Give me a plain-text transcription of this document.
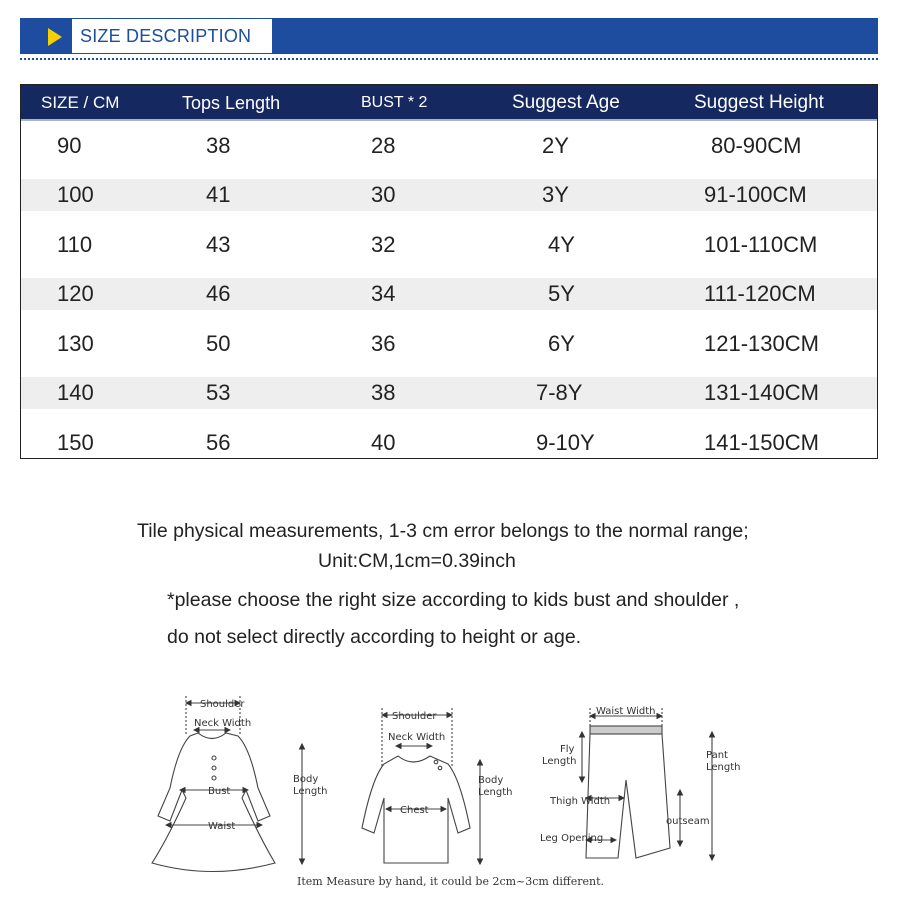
SIZE DESCRIPTION
SIZE / CM	Tops Length	BUST * 2	Suggest Age	Suggest Height
90	38	28	2Y	80-90CM
100	41	30	3Y	91-100CM
110	43	32	4Y	101-110CM
120	46	34	5Y	111-120CM
130	50	36	6Y	121-130CM
140	53	38	7-8Y	131-140CM
150	56	40	9-10Y	141-150CM
Tile physical measurements, 1-3 cm error belongs to the normal range;
Unit:CM,1cm=0.39inch
*please choose the right size according to kids bust and shoulder ,
do not select directly according to height or age.
Shoulder
Neck Width
Bust
Waist
Body
Length
Shoulder
Neck Width
Chest
Body
Length
Waist Width
Fly
Length
Pant
Length
Thigh Width
outseam
Leg Opening
Item Measure by hand, it could be 2cm~3cm different.
